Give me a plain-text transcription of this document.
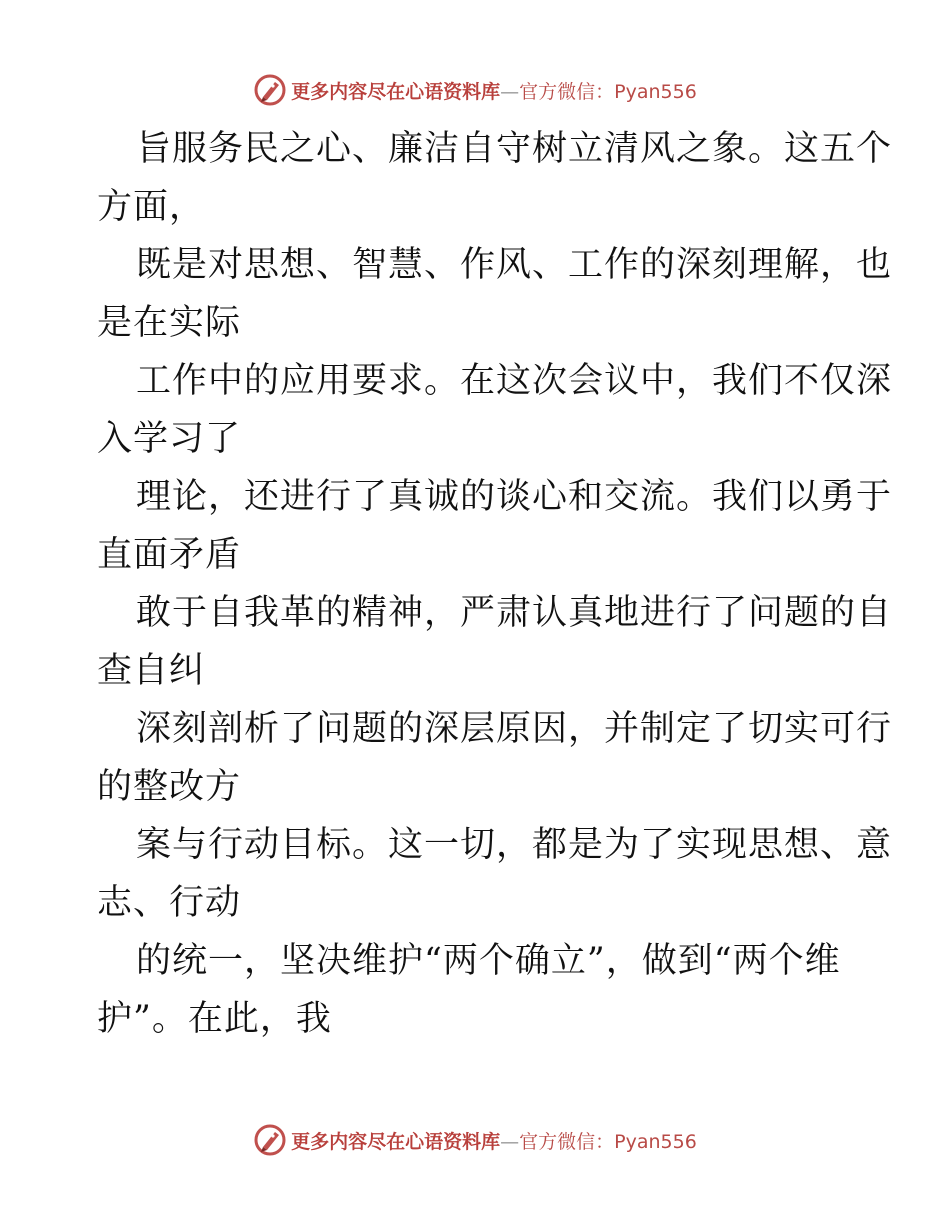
更多内容尽在心语资料库—官方微信：Pyan556
旨服务民之心、廉洁自守树立清风之象。这五个
方面，
既是对思想、智慧、作风、工作的深刻理解，也
是在实际
工作中的应用要求。在这次会议中，我们不仅深
入学习了
理论，还进行了真诚的谈心和交流。我们以勇于
直面矛盾
敢于自我革的精神，严肃认真地进行了问题的自
查自纠
深刻剖析了问题的深层原因，并制定了切实可行
的整改方
案与行动目标。这一切，都是为了实现思想、意
志、行动
的统一，坚决维护“两个确立”，做到“两个维
护”。在此，我
更多内容尽在心语资料库—官方微信：Pyan556
